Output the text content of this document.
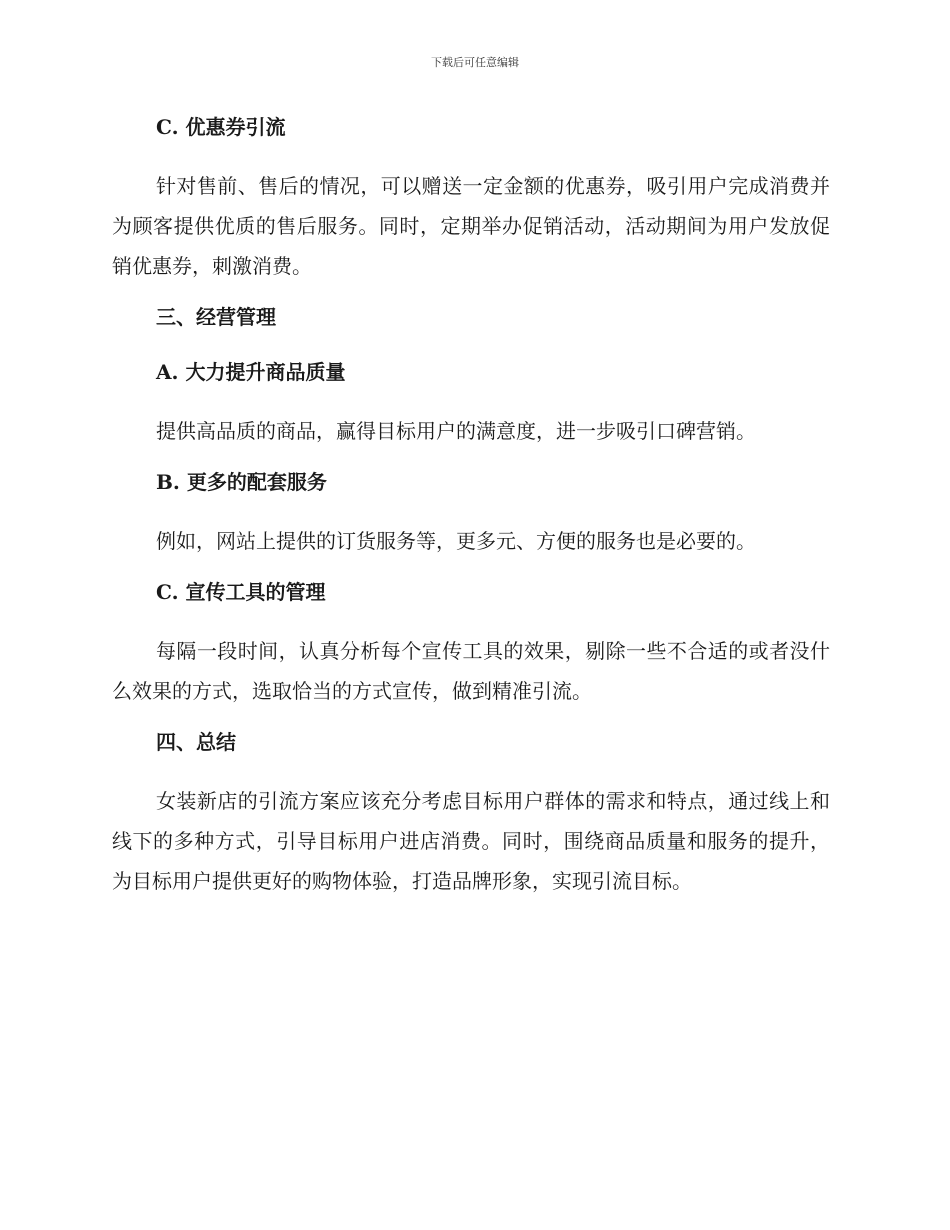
下载后可任意编辑
C. 优惠券引流
针对售前、售后的情况，可以赠送一定金额的优惠券，吸引用户完成消费并为顾客提供优质的售后服务。同时，定期举办促销活动，活动期间为用户发放促销优惠券，刺激消费。
三、经营管理
A. 大力提升商品质量
提供高品质的商品，赢得目标用户的满意度，进一步吸引口碑营销。
B. 更多的配套服务
例如，网站上提供的订货服务等，更多元、方便的服务也是必要的。
C. 宣传工具的管理
每隔一段时间，认真分析每个宣传工具的效果，剔除一些不合适的或者没什么效果的方式，选取恰当的方式宣传，做到精准引流。
四、总结
女装新店的引流方案应该充分考虑目标用户群体的需求和特点，通过线上和线下的多种方式，引导目标用户进店消费。同时，围绕商品质量和服务的提升，为目标用户提供更好的购物体验，打造品牌形象，实现引流目标。
